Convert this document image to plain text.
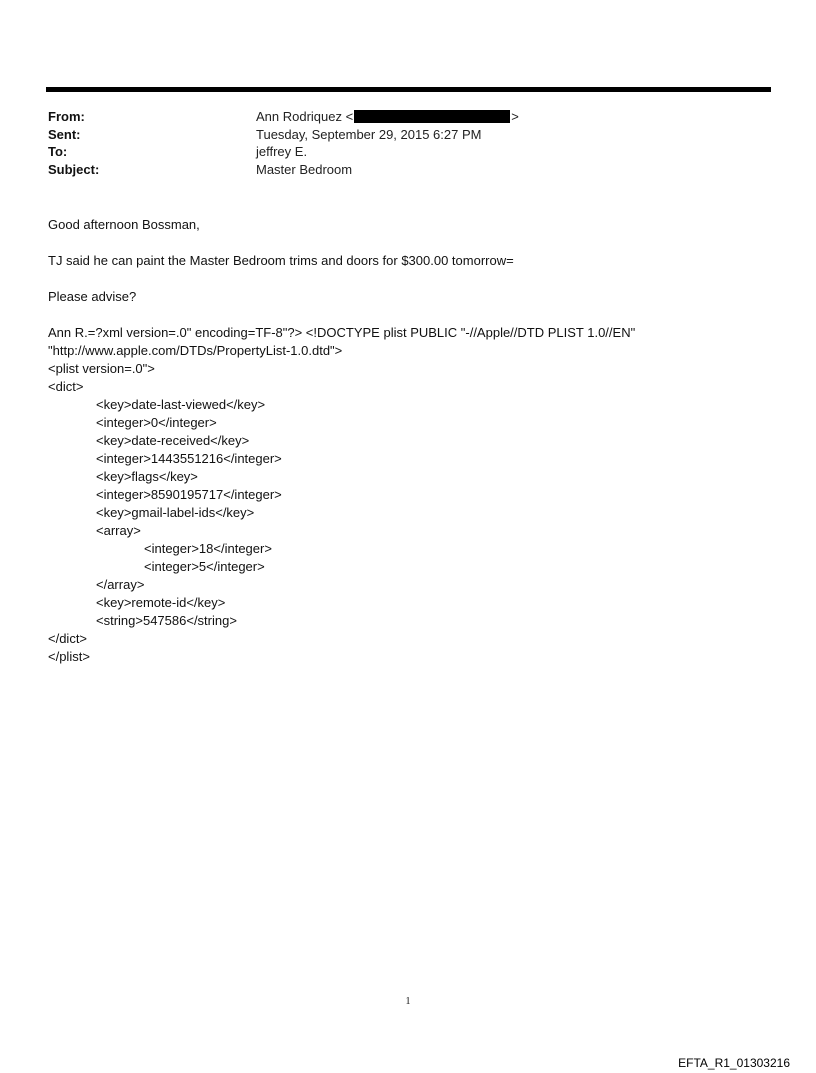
From:	Ann Rodriquez <	>
Sent:	Tuesday, September 29, 2015 6:27 PM
To:	jeffrey E.
Subject:	Master Bedroom

Good afternoon Bossman,

TJ said he can paint the Master Bedroom trims and doors for $300.00 tomorrow=

Please advise?

Ann R.=?xml version=.0" encoding=TF-8"?> <!DOCTYPE plist PUBLIC "-//Apple//DTD PLIST 1.0//EN"

"http://www.apple.com/DTDs/PropertyList-1.0.dtd">

<plist version=.0">

<dict>

<key>date-last-viewed</key>

<integer>0</integer>

<key>date-received</key>

<integer>1443551216</integer>

<key>flags</key>

<integer>8590195717</integer>

<key>gmail-label-ids</key>

<array>

<integer>18</integer>

<integer>5</integer>

</array>

<key>remote-id</key>

<string>547586</string>

</dict>

</plist>

1
EFTA_R1_01303216
